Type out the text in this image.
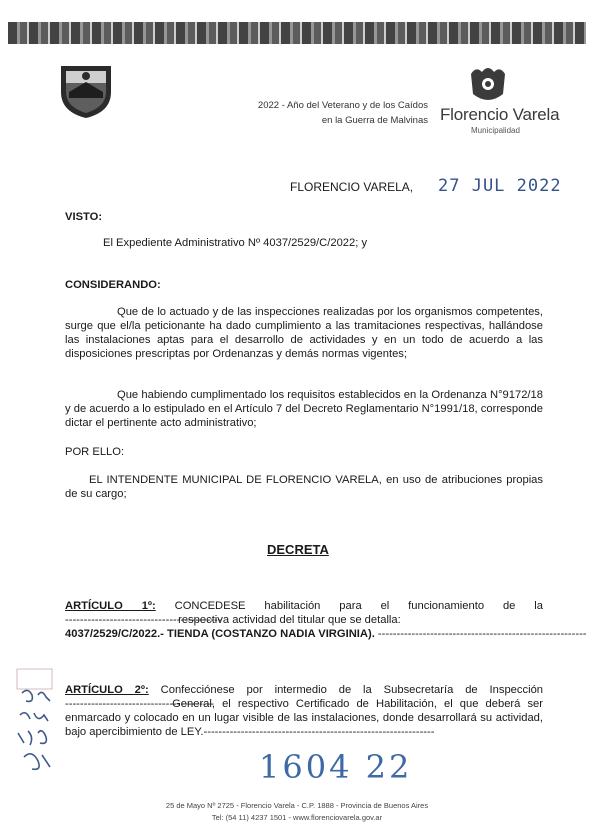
2022 - Año del Veterano y de los Caídos
en la Guerra de Malvinas Florencio Varela
Municipalidad
FLORENCIO VARELA, 27 JUL 2022
VISTO:
El Expediente Administrativo Nº 4037/2529/C/2022; y
CONSIDERANDO:
Que de lo actuado y de las inspecciones realizadas por los organismos competentes, surge que el/la peticionante ha dado cumplimiento a las tramitaciones respectivas, hallándose las instalaciones aptas para el desarrollo de actividades y en un todo de acuerdo a las disposiciones prescriptas por Ordenanzas y demás normas vigentes;
Que habiendo cumplimentado los requisitos establecidos en la Ordenanza N°9172/18 y de acuerdo a lo estipulado en el Artículo 7 del Decreto Reglamentario N°1991/18, corresponde dictar el pertinente acto administrativo;
POR ELLO:
EL INTENDENTE MUNICIPAL DE FLORENCIO VARELA, en uso de atribuciones propias de su cargo;
DECRETA
ARTÍCULO 1º: CONCEDESE habilitación para el funcionamiento de la
------------------------------------------ respectiva actividad del titular que se detalla:
4037/2529/C/2022.- TIENDA (COSTANZO NADIA VIRGINIA). --------------------------------------------------------
ARTÍCULO 2º: Confecciónese por intermedio de la Subsecretaría de Inspección
---------------------------------------- General, el respectivo Certificado de Habilitación, el que deberá ser enmarcado y colocado en un lugar visible de las instalaciones, donde desarrollará su actividad, bajo apercibimiento de LEY.--------------------------------------------------------------
1604 22
25 de Mayo Nº 2725 - Florencio Varela - C.P. 1888 - Provincia de Buenos Aires
Tel: (54 11) 4237 1501 - www.florenciovarela.gov.ar
